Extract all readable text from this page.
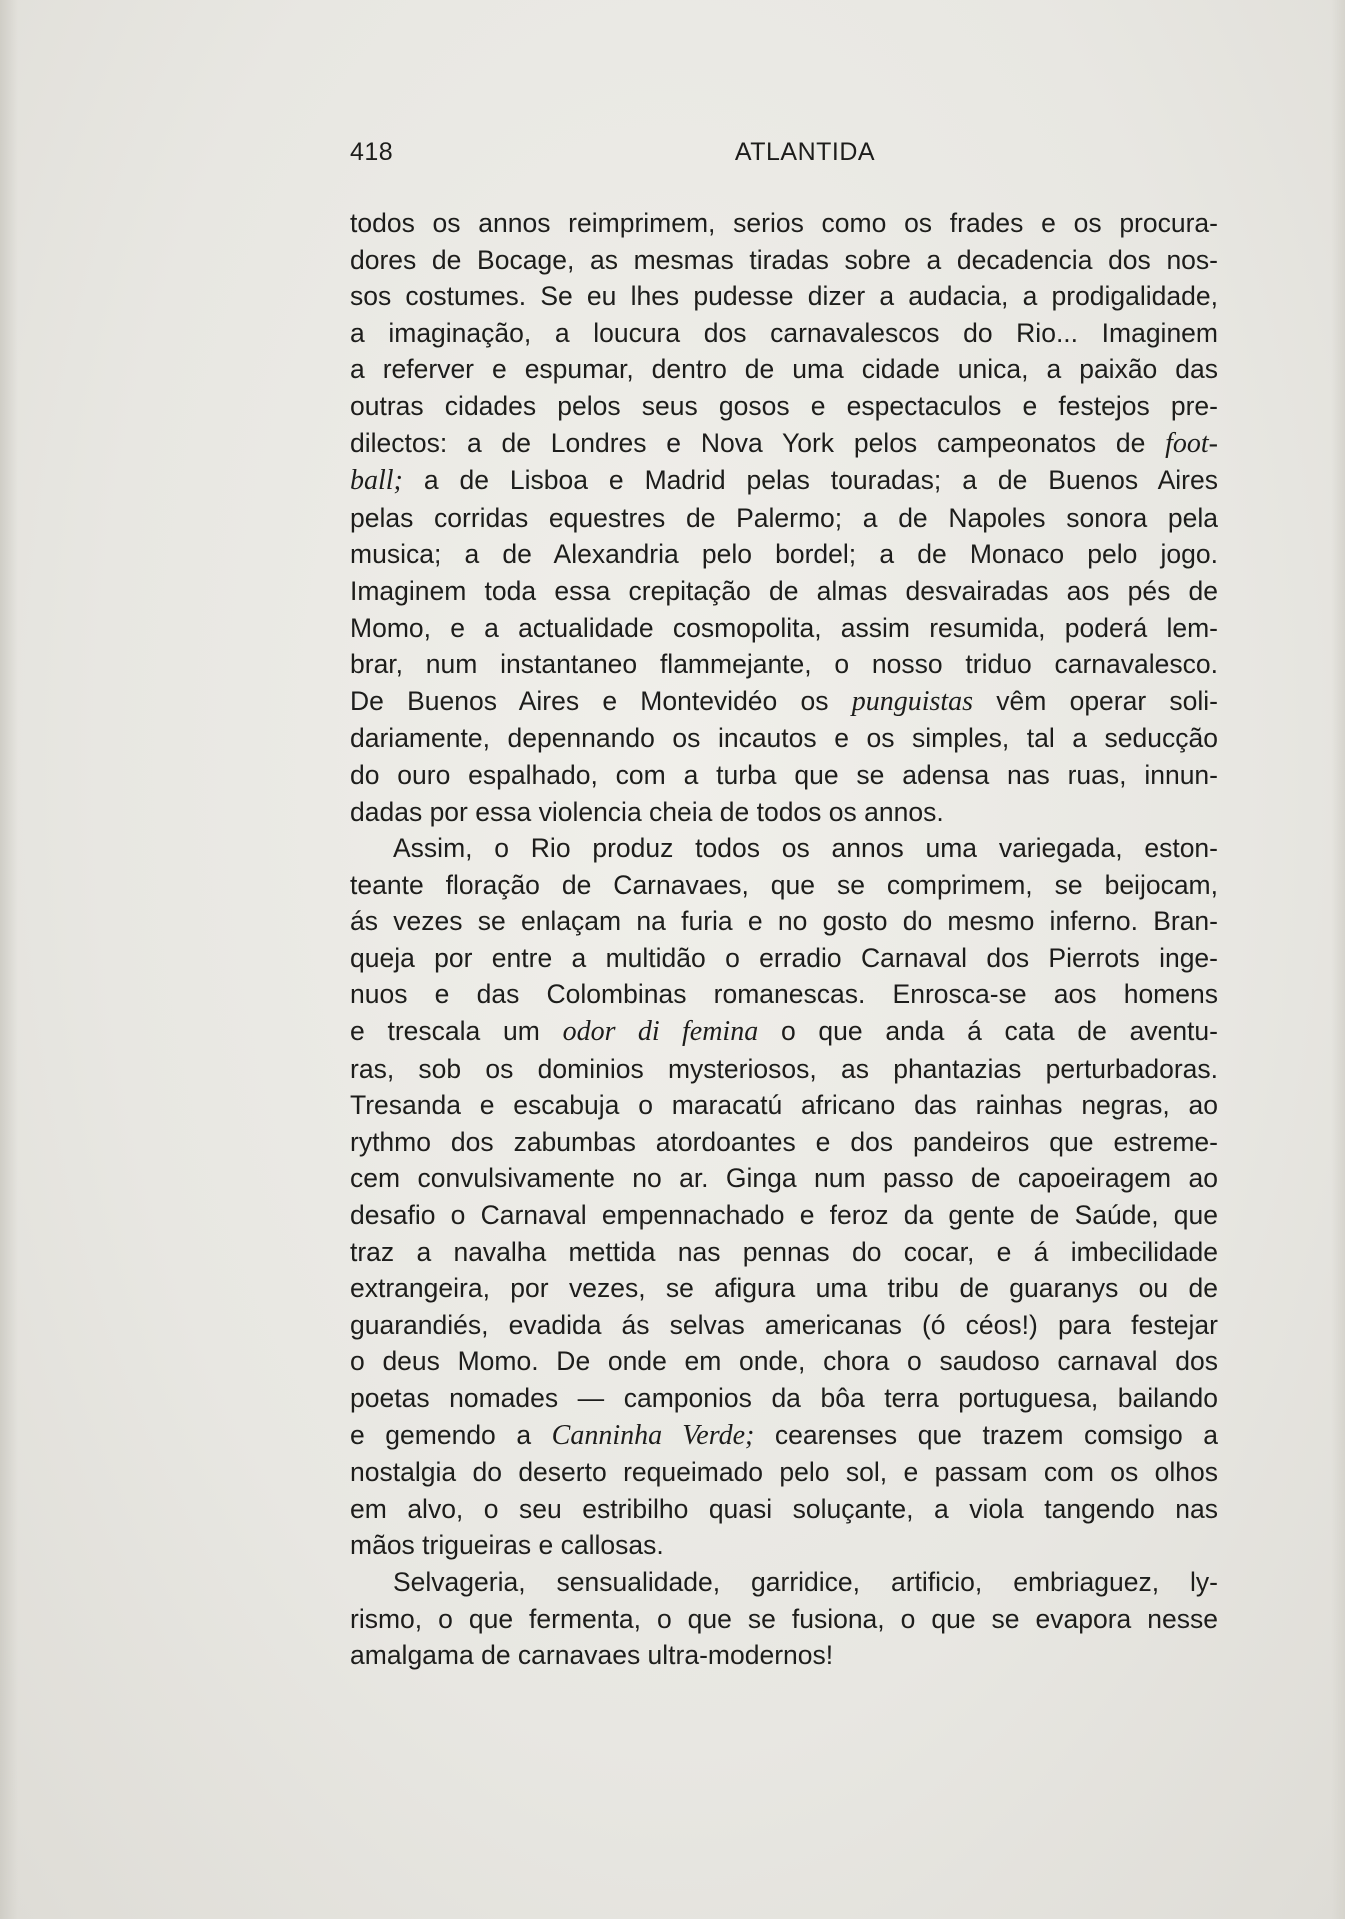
418	ATLANTIDA
todos os annos reimprimem, serios como os frades e os procura-
dores de Bocage, as mesmas tiradas sobre a decadencia dos nos-
sos costumes. Se eu lhes pudesse dizer a audacia, a prodigalidade,
a imaginação, a loucura dos carnavalescos do Rio... Imaginem
a referver e espumar, dentro de uma cidade unica, a paixão das
outras cidades pelos seus gosos e espectaculos e festejos pre-
dilectos: a de Londres e Nova York pelos campeonatos de foot-
ball; a de Lisboa e Madrid pelas touradas; a de Buenos Aires
pelas corridas equestres de Palermo; a de Napoles sonora pela
musica; a de Alexandria pelo bordel; a de Monaco pelo jogo.
Imaginem toda essa crepitação de almas desvairadas aos pés de
Momo, e a actualidade cosmopolita, assim resumida, poderá lem-
brar, num instantaneo flammejante, o nosso triduo carnavalesco.
De Buenos Aires e Montevidéo os punguistas vêm operar soli-
dariamente, depennando os incautos e os simples, tal a seducção
do ouro espalhado, com a turba que se adensa nas ruas, innun-
dadas por essa violencia cheia de todos os annos.
Assim, o Rio produz todos os annos uma variegada, eston-
teante floração de Carnavaes, que se comprimem, se beijocam,
ás vezes se enlaçam na furia e no gosto do mesmo inferno. Bran-
queja por entre a multidão o erradio Carnaval dos Pierrots inge-
nuos e das Colombinas romanescas. Enrosca-se aos homens
e trescala um odor di femina o que anda á cata de aventu-
ras, sob os dominios mysteriosos, as phantazias perturbadoras.
Tresanda e escabuja o maracatú africano das rainhas negras, ao
rythmo dos zabumbas atordoantes e dos pandeiros que estreme-
cem convulsivamente no ar. Ginga num passo de capoeiragem ao
desafio o Carnaval empennachado e feroz da gente de Saúde, que
traz a navalha mettida nas pennas do cocar, e á imbecilidade
extrangeira, por vezes, se afigura uma tribu de guaranys ou de
guarandiés, evadida ás selvas americanas (ó céos!) para festejar
o deus Momo. De onde em onde, chora o saudoso carnaval dos
poetas nomades — camponios da bôa terra portuguesa, bailando
e gemendo a Canninha Verde; cearenses que trazem comsigo a
nostalgia do deserto requeimado pelo sol, e passam com os olhos
em alvo, o seu estribilho quasi soluçante, a viola tangendo nas
mãos trigueiras e callosas.
Selvageria, sensualidade, garridice, artificio, embriaguez, ly-
rismo, o que fermenta, o que se fusiona, o que se evapora nesse
amalgama de carnavaes ultra-modernos!
